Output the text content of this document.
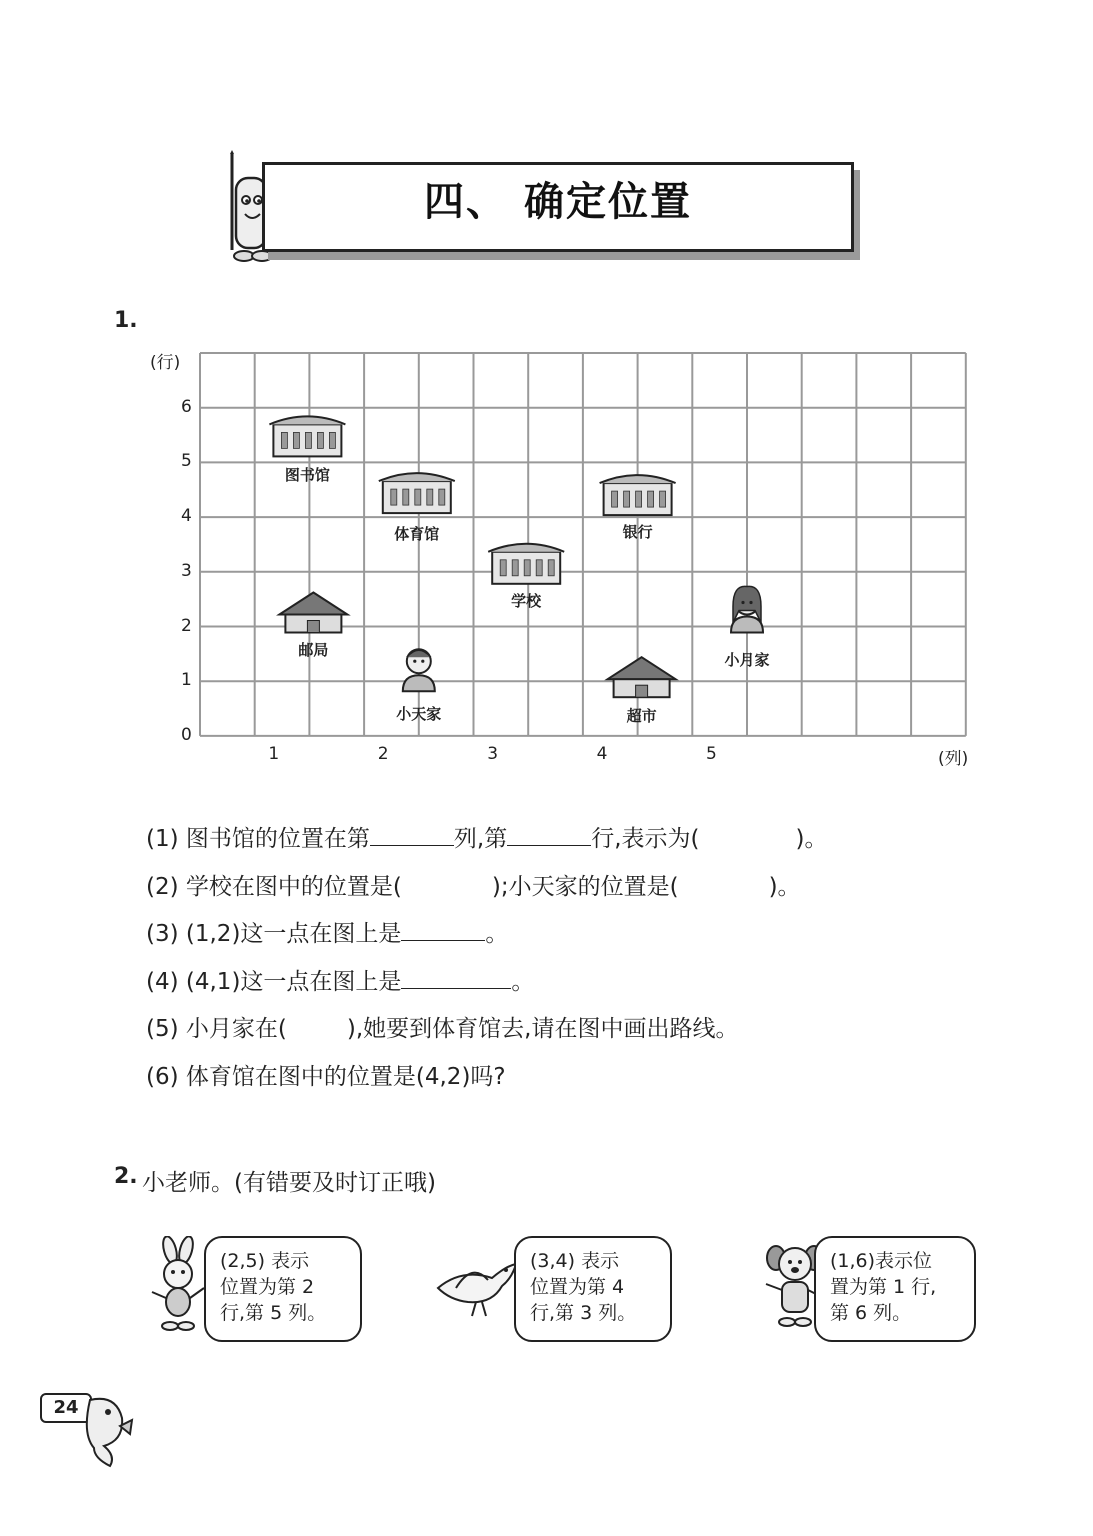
四、 确定位置
1.
(行)
(列)
0
1
2
3
4
5
6
1	2	3	4	5
图书馆
体育馆
学校
银行
邮局
小天家	超市
小月家
(1) 图书馆的位置在第	列,第	行,表示为(	)。
(2) 学校在图中的位置是(	);小天家的位置是(	)。
(3) (1,2)这一点在图上是	。
(4) (4,1)这一点在图上是	。
(5) 小月家在(	),她要到体育馆去,请在图中画出路线。
(6) 体育馆在图中的位置是(4,2)吗?
2. 小老师。(有错要及时订正哦)
(2,5) 表示
位置为第 2
行,第 5 列。
(3,4) 表示
位置为第 4
行,第 3 列。
(1,6)表示位
置为第 1 行,
第 6 列。
24
